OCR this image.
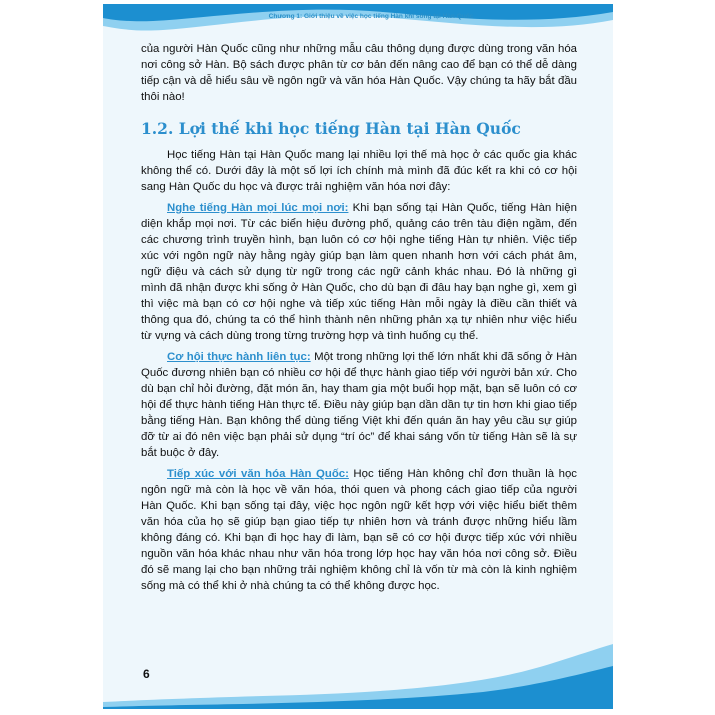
Chương 1: Giới thiệu về việc học tiếng Hàn khi sống tại Hàn Quốc

của người Hàn Quốc cũng như những mẫu câu thông dụng được dùng trong văn hóa nơi công sở Hàn. Bộ sách được phân từ cơ bản đến nâng cao để bạn có thể dễ dàng tiếp cận và dễ hiểu sâu về ngôn ngữ và văn hóa Hàn Quốc. Vậy chúng ta hãy bắt đầu thôi nào!

1.2. Lợi thế khi học tiếng Hàn tại Hàn Quốc

Học tiếng Hàn tại Hàn Quốc mang lại nhiều lợi thế mà học ở các quốc gia khác không thể có. Dưới đây là một số lợi ích chính mà mình đã đúc kết ra khi có cơ hội sang Hàn Quốc du học và được trải nghiệm văn hóa nơi đây:

Nghe tiếng Hàn mọi lúc mọi nơi: Khi bạn sống tại Hàn Quốc, tiếng Hàn hiện diện khắp mọi nơi. Từ các biển hiệu đường phố, quảng cáo trên tàu điện ngầm, đến các chương trình truyền hình, bạn luôn có cơ hội nghe tiếng Hàn tự nhiên. Việc tiếp xúc với ngôn ngữ này hằng ngày giúp bạn làm quen nhanh hơn với cách phát âm, ngữ điệu và cách sử dụng từ ngữ trong các ngữ cảnh khác nhau. Đó là những gì mình đã nhận được khi sống ở Hàn Quốc, cho dù bạn đi đâu hay bạn nghe gì, xem gì thì việc mà bạn có cơ hội nghe và tiếp xúc tiếng Hàn mỗi ngày là điều cần thiết và thông qua đó, chúng ta có thể hình thành nên những phản xạ tự nhiên như việc hiểu từ vựng và cách dùng trong từng trường hợp và tình huống cụ thể.

Cơ hội thực hành liên tục: Một trong những lợi thế lớn nhất khi đã sống ở Hàn Quốc đương nhiên bạn có nhiều cơ hội để thực hành giao tiếp với người bản xứ. Cho dù bạn chỉ hỏi đường, đặt món ăn, hay tham gia một buổi họp mặt, bạn sẽ luôn có cơ hội để thực hành tiếng Hàn thực tế. Điều này giúp bạn dần dần tự tin hơn khi giao tiếp bằng tiếng Hàn. Bạn không thể dùng tiếng Việt khi đến quán ăn hay yêu cầu sự giúp đỡ từ ai đó nên việc bạn phải sử dụng “trí óc” để khai sáng vốn từ tiếng Hàn sẽ là sự bắt buộc ở đây.

Tiếp xúc với văn hóa Hàn Quốc: Học tiếng Hàn không chỉ đơn thuần là học ngôn ngữ mà còn là học về văn hóa, thói quen và phong cách giao tiếp của người Hàn Quốc. Khi bạn sống tại đây, việc học ngôn ngữ kết hợp với việc hiểu biết thêm văn hóa của họ sẽ giúp bạn giao tiếp tự nhiên hơn và tránh được những hiểu lầm không đáng có. Khi bạn đi học hay đi làm, bạn sẽ có cơ hội được tiếp xúc với nhiều nguồn văn hóa khác nhau như văn hóa trong lớp học hay văn hóa nơi công sở. Điều đó sẽ mang lại cho bạn những trải nghiệm không chỉ là vốn từ mà còn là kinh nghiệm sống mà có thể khi ở nhà chúng ta có thể không được học.

6
